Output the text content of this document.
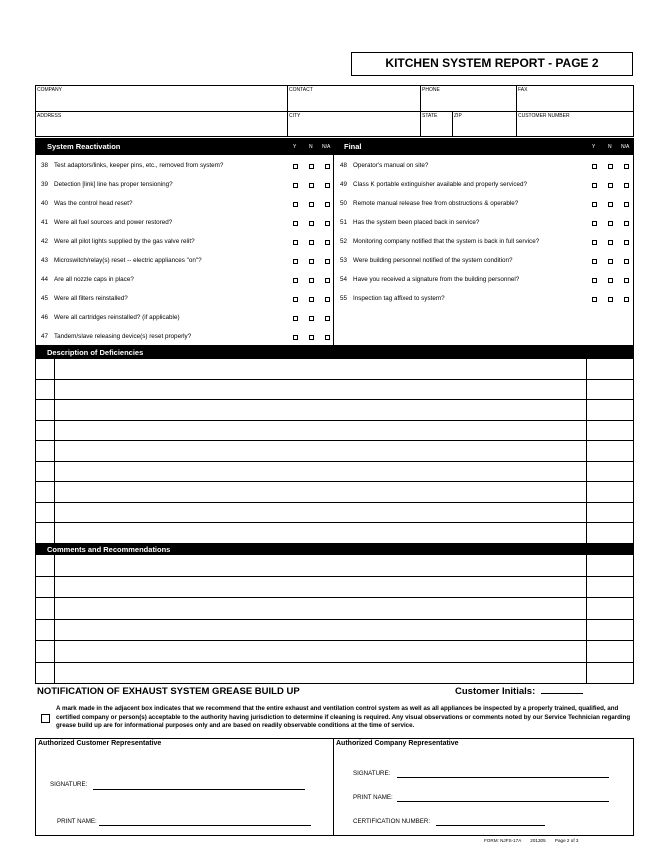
KITCHEN SYSTEM REPORT - PAGE 2
COMPANY	CONTACT	PHONE	FAX
ADDRESS	CITY	STATE	ZIP	CUSTOMER NUMBER
System Reactivation	Y	N N/A Final	Y	N N/A
38 Test adaptors/links, keeper pins, etc., removed from system?
39 Detection [link] line has proper tensioning?
40 Was the control head reset?
41 Were all fuel sources and power restored?
42 Were all pilot lights supplied by the gas valve relit?
43 Microswitch/relay(s) reset -- electric appliances "on"?
44 Are all nozzle caps in place?
45 Were all filters reinstalled?
46 Were all cartridges reinstalled? (if applicable)
47 Tandem/slave releasing device(s) reset properly?
48 Operator's manual on site?
49 Class K portable extinguisher available and properly serviced?
50 Remote manual release free from obstructions & operable?
51 Has the system been placed back in service?
52 Monitoring company notified that the system is back in full service?
53 Were building personnel notified of the system condition?
54 Have you received a signature from the building personnel?
55 Inspection tag affixed to system?
Description of Deficiencies
Comments and Recommendations
NOTIFICATION OF EXHAUST SYSTEM GREASE BUILD UP	Customer Initials:
A mark made in the adjacent box indicates that we recommend that the entire exhaust and ventilation control system as well as all appliances be inspected by a properly trained, qualified, and certified company or person(s) acceptable to the authority having jurisdiction to determine if cleaning is required. Any visual observations or comments noted by our Service Technician regarding grease build up are for informational purposes only and are based on readily observable conditions at the time of service.
Authorized Customer Representative
SIGNATURE:
PRINT NAME:
Authorized Company Representative
SIGNATURE:
PRINT NAME:
CERTIFICATION NUMBER:
FORM: NJFS-17A 201305 Page 2 of 3
